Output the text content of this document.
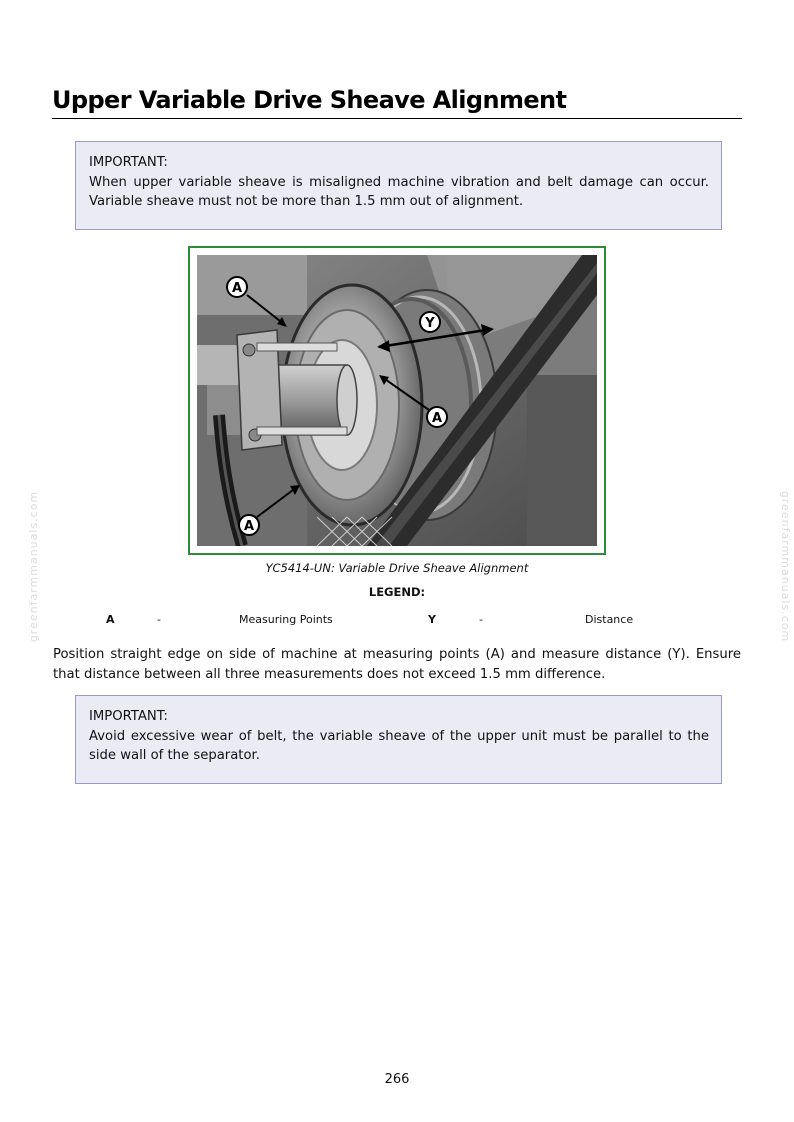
Upper Variable Drive Sheave Alignment
IMPORTANT:
When upper variable sheave is misaligned machine vibration and belt damage can occur. Variable sheave must not be more than 1.5 mm out of alignment.
A
Y
A
A
YC5414-UN: Variable Drive Sheave Alignment
LEGEND:
A	-	Measuring Points	Y	-	Distance
Position straight edge on side of machine at measuring points (A) and measure distance (Y). Ensure that distance between all three measurements does not exceed 1.5 mm difference.
IMPORTANT:
Avoid excessive wear of belt, the variable sheave of the upper unit must be parallel to the side wall of the separator.
greenfarmmanuals.com	greenfarmmanuals.com
266
